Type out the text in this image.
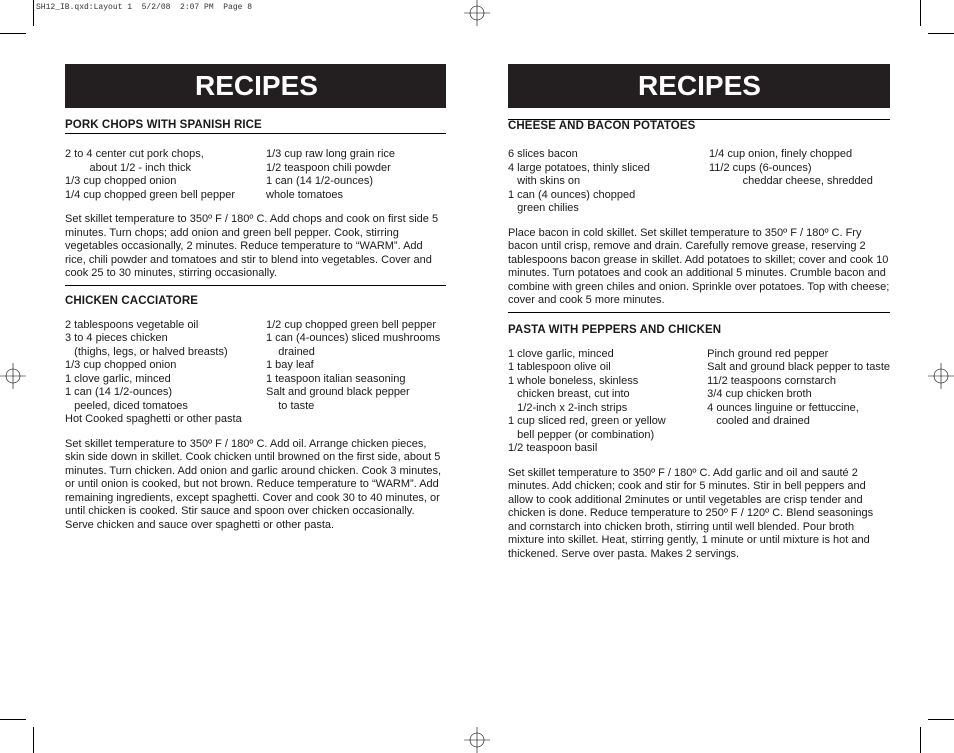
SH12_IB.qxd:Layout 1  5/2/08  2:07 PM  Page 8
RECIPES
PORK CHOPS WITH SPANISH RICE
2 to 4 center cut pork chops,
about 1/2 - inch thick
1/3 cup chopped onion
1/4 cup chopped green bell pepper
1/3 cup raw long grain rice
1/2 teaspoon chili powder
1 can (14 1/2-ounces)
whole tomatoes
Set skillet temperature to 350º F / 180º C. Add chops and cook on first side 5 minutes. Turn chops; add onion and green bell pepper. Cook, stirring vegetables occasionally, 2 minutes. Reduce temperature to “WARM”. Add rice, chili powder and tomatoes and stir to blend into vegetables. Cover and cook 25 to 30 minutes, stirring occasionally.
CHICKEN CACCIATORE
2 tablespoons vegetable oil
3 to 4 pieces chicken
(thighs, legs, or halved breasts)
1/3 cup chopped onion
1 clove garlic, minced
1 can (14 1/2-ounces)
peeled, diced tomatoes
Hot Cooked spaghetti or other pasta
1/2 cup chopped green bell pepper
1 can (4-ounces) sliced mushrooms
drained
1 bay leaf
1 teaspoon italian seasoning
Salt and ground black pepper
to taste
Set skillet temperature to 350º F / 180º C. Add oil. Arrange chicken pieces, skin side down in skillet. Cook chicken until browned on the first side, about 5 minutes. Turn chicken. Add onion and garlic around chicken. Cook 3 minutes, or until onion is cooked, but not brown. Reduce temperature to “WARM”. Add remaining ingredients, except spaghetti. Cover and cook 30 to 40 minutes, or until chicken is cooked. Stir sauce and spoon over chicken occasionally. Serve chicken and sauce over spaghetti or other pasta.
RECIPES
CHEESE AND BACON POTATOES
6 slices bacon
4 large potatoes, thinly sliced
with skins on
1 can (4 ounces) chopped
green chilies
1/4 cup onion, finely chopped
11/2 cups (6-ounces)
cheddar cheese, shredded
Place bacon in cold skillet. Set skillet temperature to 350º F / 180º C. Fry bacon until crisp, remove and drain. Carefully remove grease, reserving 2 tablespoons bacon grease in skillet. Add potatoes to skillet; cover and cook 10 minutes. Turn potatoes and cook an additional 5 minutes. Crumble bacon and combine with green chiles and onion. Sprinkle over potatoes. Top with cheese; cover and cook 5 more minutes.
PASTA WITH PEPPERS AND CHICKEN
1 clove garlic, minced
1 tablespoon olive oil
1 whole boneless, skinless
chicken breast, cut into
1/2-inch x 2-inch strips
1 cup sliced red, green or yellow
bell pepper (or combination)
1/2 teaspoon basil
Pinch ground red pepper
Salt and ground black pepper to taste
11/2 teaspoons cornstarch
3/4 cup chicken broth
4 ounces linguine or fettuccine,
cooled and drained
Set skillet temperature to 350º F / 180º C. Add garlic and oil and sauté 2 minutes. Add chicken; cook and stir for 5 minutes. Stir in bell peppers and allow to cook additional 2minutes or until vegetables are crisp tender and chicken is done. Reduce temperature to 250º F / 120º C. Blend seasonings and cornstarch into chicken broth, stirring until well blended. Pour broth mixture into skillet. Heat, stirring gently, 1 minute or until mixture is hot and thickened. Serve over pasta. Makes 2 servings.
